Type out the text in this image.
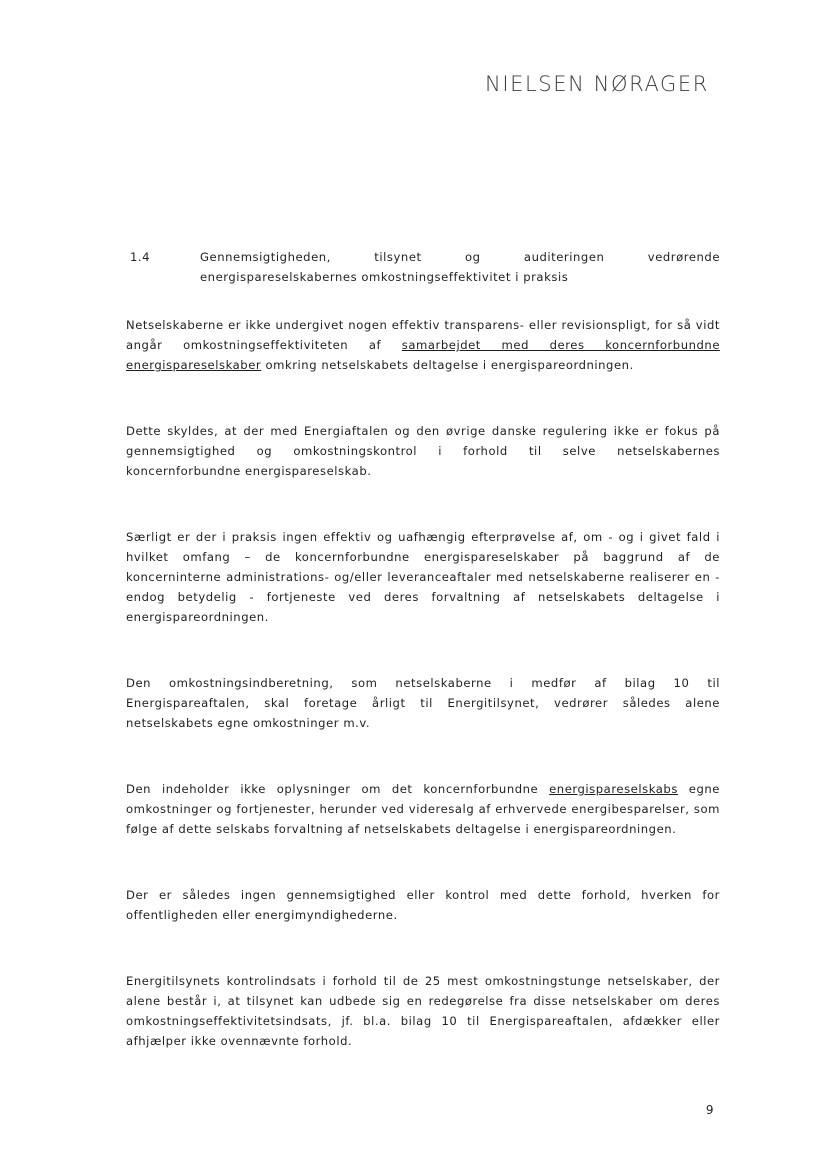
NIELSEN NØRAGER
1.4	Gennemsigtigheden, tilsynet og auditeringen vedrørende energispareselskabernes omkostningseffektivitet i praksis

Netselskaberne er ikke undergivet nogen effektiv transparens- eller revisionspligt, for så vidt angår omkostningseffektiviteten af samarbejdet med deres koncernforbundne energispareselskaber omkring netselskabets deltagelse i energispareordningen.

Dette skyldes, at der med Energiaftalen og den øvrige danske regulering ikke er fokus på gennemsigtighed og omkostningskontrol i forhold til selve netselskabernes koncernforbundne energispareselskab.

Særligt er der i praksis ingen effektiv og uafhængig efterprøvelse af, om - og i givet fald i hvilket omfang – de koncernforbundne energispareselskaber på baggrund af de koncerninterne administrations- og/eller leveranceaftaler med netselskaberne realiserer en - endog betydelig - fortjeneste ved deres forvaltning af netselskabets deltagelse i energispareordningen.

Den omkostningsindberetning, som netselskaberne i medfør af bilag 10 til Energispareaftalen, skal foretage årligt til Energitilsynet, vedrører således alene netselskabets egne omkostninger m.v.

Den indeholder ikke oplysninger om det koncernforbundne energispareselskabs egne omkostninger og fortjenester, herunder ved videresalg af erhvervede energibesparelser, som følge af dette selskabs forvaltning af netselskabets deltagelse i energispareordningen.

Der er således ingen gennemsigtighed eller kontrol med dette forhold, hverken for offentligheden eller energimyndighederne.

Energitilsynets kontrolindsats i forhold til de 25 mest omkostningstunge netselskaber, der alene består i, at tilsynet kan udbede sig en redegørelse fra disse netselskaber om deres omkostningseffektivitetsindsats, jf. bl.a. bilag 10 til Energispareaftalen, afdækker eller afhjælper ikke ovennævnte forhold.

9
